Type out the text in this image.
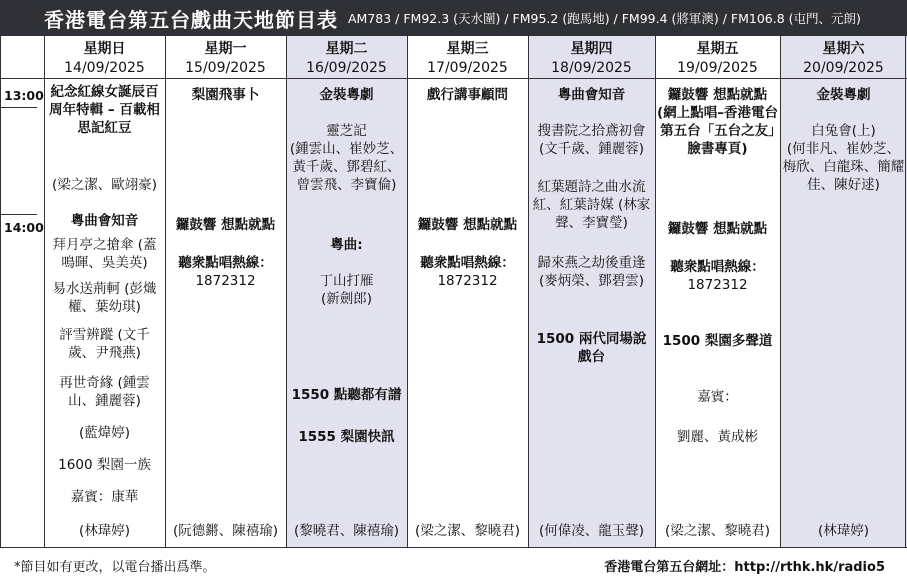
香港電台第五台戲曲天地節目表 AM783 / FM92.3 (天水圍) / FM95.2 (跑馬地) / FM99.4 (將軍澳) / FM106.8 (屯門、元朗)
星期日
14/09/2025
紀念紅線女誕辰百周年特輯 – 百載相思記紅豆
(梁之潔、歐翊豪)
粵曲會知音
拜月亭之搶傘 (蓋鳴暉、吳美英)
易水送荊軻 (彭熾權、葉幼琪)
評雪辨蹤 (文千歲、尹飛燕)
再世奇緣 (鍾雲山、鍾麗蓉)
(藍煒婷)
1600 梨園一族
嘉賓：康華
(林瑋婷)
星期一
15/09/2025
梨園飛事卜
鑼鼓響 想點就點
聽衆點唱熱線：
1872312
(阮德鏘、陳禧瑜)
星期二
16/09/2025
金裝粵劇
靈芝記
(鍾雲山、崔妙芝、黃千歲、鄧碧紅、曾雲飛、李寶倫)
粵曲:
丁山打雁
(新劍郎)
1550 點聽都有譜
1555 梨園快訊
(黎曉君、陳禧瑜)
星期三
17/09/2025
戲行講事顧問
鑼鼓響 想點就點
聽衆點唱熱線：
1872312
(梁之潔、黎曉君)
星期四
18/09/2025
粵曲會知音
搜書院之拾鳶初會 (文千歲、鍾麗蓉)
紅葉題詩之曲水流紅、紅葉詩媒 (林家聲、李寶瑩)
歸來燕之劫後重逢 (麥炳榮、鄧碧雲)
1500 兩代同場說戲台
(何偉凌、龍玉聲)
星期五
19/09/2025
鑼鼓響 想點就點 (網上點唱–香港電台第五台「五台之友」臉書專頁)
鑼鼓響 想點就點
聽衆點唱熱線：
1872312
1500 梨園多聲道
嘉賓：
劉麗、黃成彬
(梁之潔、黎曉君)
星期六
20/09/2025
金裝粵劇
白兔會(上)
(何非凡、崔妙芝、梅欣、白龍珠、簡耀佳、陳好逑)
(林瑋婷)
13:00
14:00
*節目如有更改，以電台播出爲準。	香港電台第五台網址：http://rthk.hk/radio5
